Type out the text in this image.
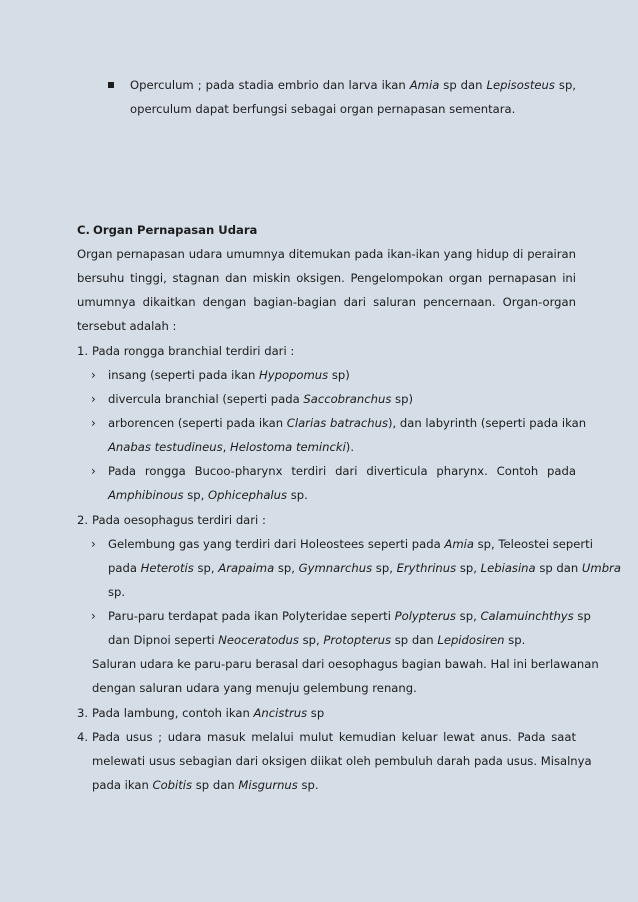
Operculum ; pada stadia embrio dan larva ikan Amia sp dan Lepisosteus sp,
operculum dapat berfungsi sebagai organ pernapasan sementara.
C. Organ Pernapasan Udara
Organ pernapasan udara umumnya ditemukan pada ikan-ikan yang hidup di perairan
bersuhu tinggi, stagnan dan miskin oksigen. Pengelompokan organ pernapasan ini
umumnya dikaitkan dengan bagian-bagian dari saluran pencernaan. Organ-organ
tersebut adalah :
1. Pada rongga branchial terdiri dari :
› insang (seperti pada ikan Hypopomus sp)
› divercula branchial (seperti pada Saccobranchus sp)
› arborencen (seperti pada ikan Clarias batrachus), dan labyrinth (seperti pada ikan
Anabas testudineus, Helostoma temincki).
› Pada rongga Bucoo-pharynx terdiri dari diverticula pharynx. Contoh pada
Amphibinous sp, Ophicephalus sp.
2. Pada oesophagus terdiri dari :
› Gelembung gas yang terdiri dari Holeostees seperti pada Amia sp, Teleostei seperti
pada Heterotis sp, Arapaima sp, Gymnarchus sp, Erythrinus sp, Lebiasina sp dan Umbra
sp.
› Paru-paru terdapat pada ikan Polyteridae seperti Polypterus sp, Calamuinchthys sp
dan Dipnoi seperti Neoceratodus sp, Protopterus sp dan Lepidosiren sp.
Saluran udara ke paru-paru berasal dari oesophagus bagian bawah. Hal ini berlawanan
dengan saluran udara yang menuju gelembung renang.
3. Pada lambung, contoh ikan Ancistrus sp
4. Pada usus ; udara masuk melalui mulut kemudian keluar lewat anus. Pada saat
melewati usus sebagian dari oksigen diikat oleh pembuluh darah pada usus. Misalnya
pada ikan Cobitis sp dan Misgurnus sp.
